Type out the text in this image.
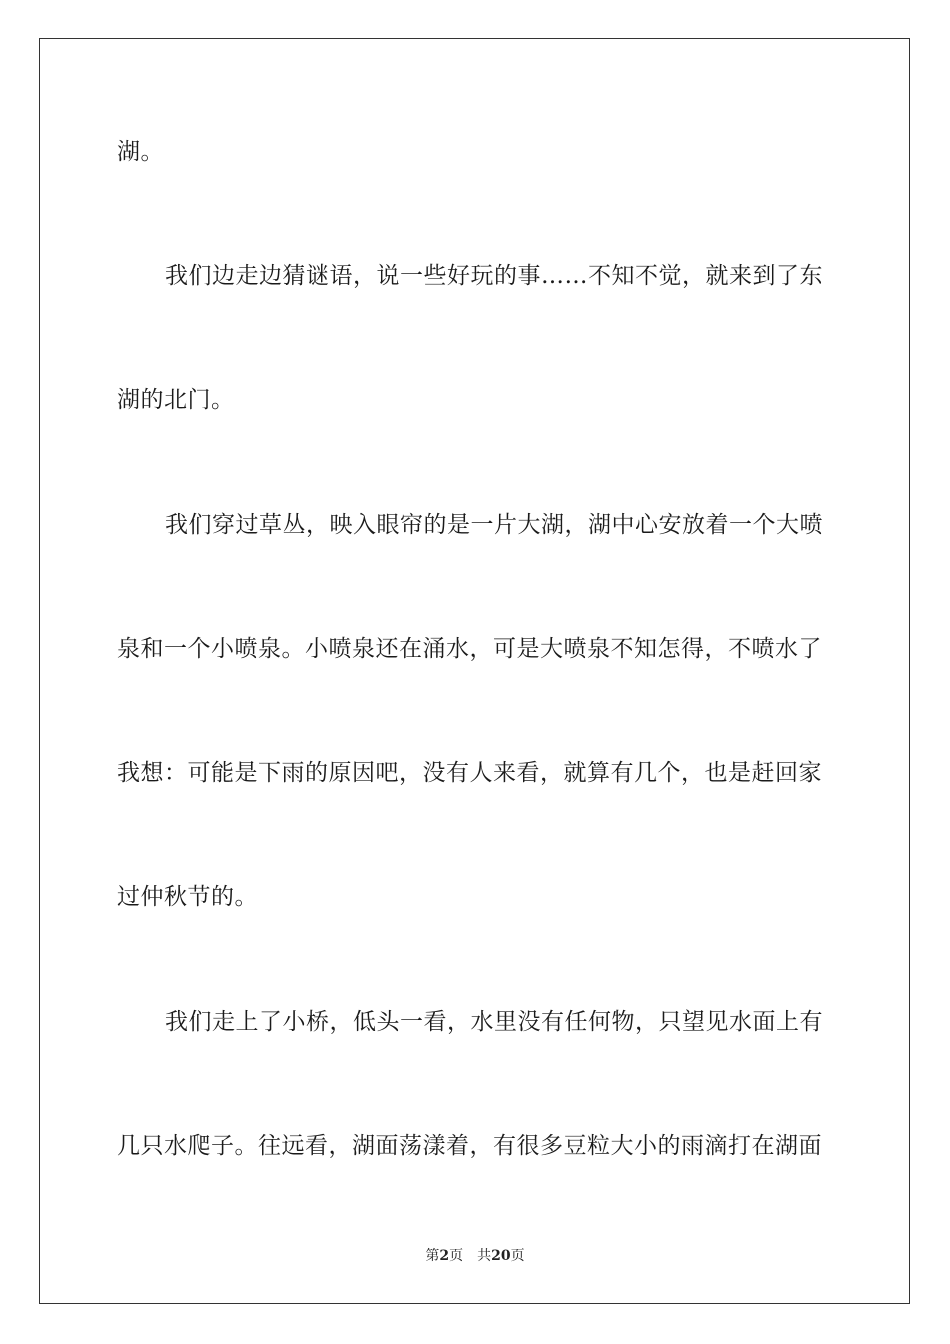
湖。
我们边走边猜谜语，说一些好玩的事……不知不觉，就来到了东
湖的北门。
我们穿过草丛，映入眼帘的是一片大湖，湖中心安放着一个大喷
泉和一个小喷泉。小喷泉还在涌水，可是大喷泉不知怎得，不喷水了
我想：可能是下雨的原因吧，没有人来看，就算有几个，也是赶回家
过仲秋节的。
我们走上了小桥，低头一看，水里没有任何物，只望见水面上有
几只水爬子。往远看，湖面荡漾着，有很多豆粒大小的雨滴打在湖面
第2页 共20页
